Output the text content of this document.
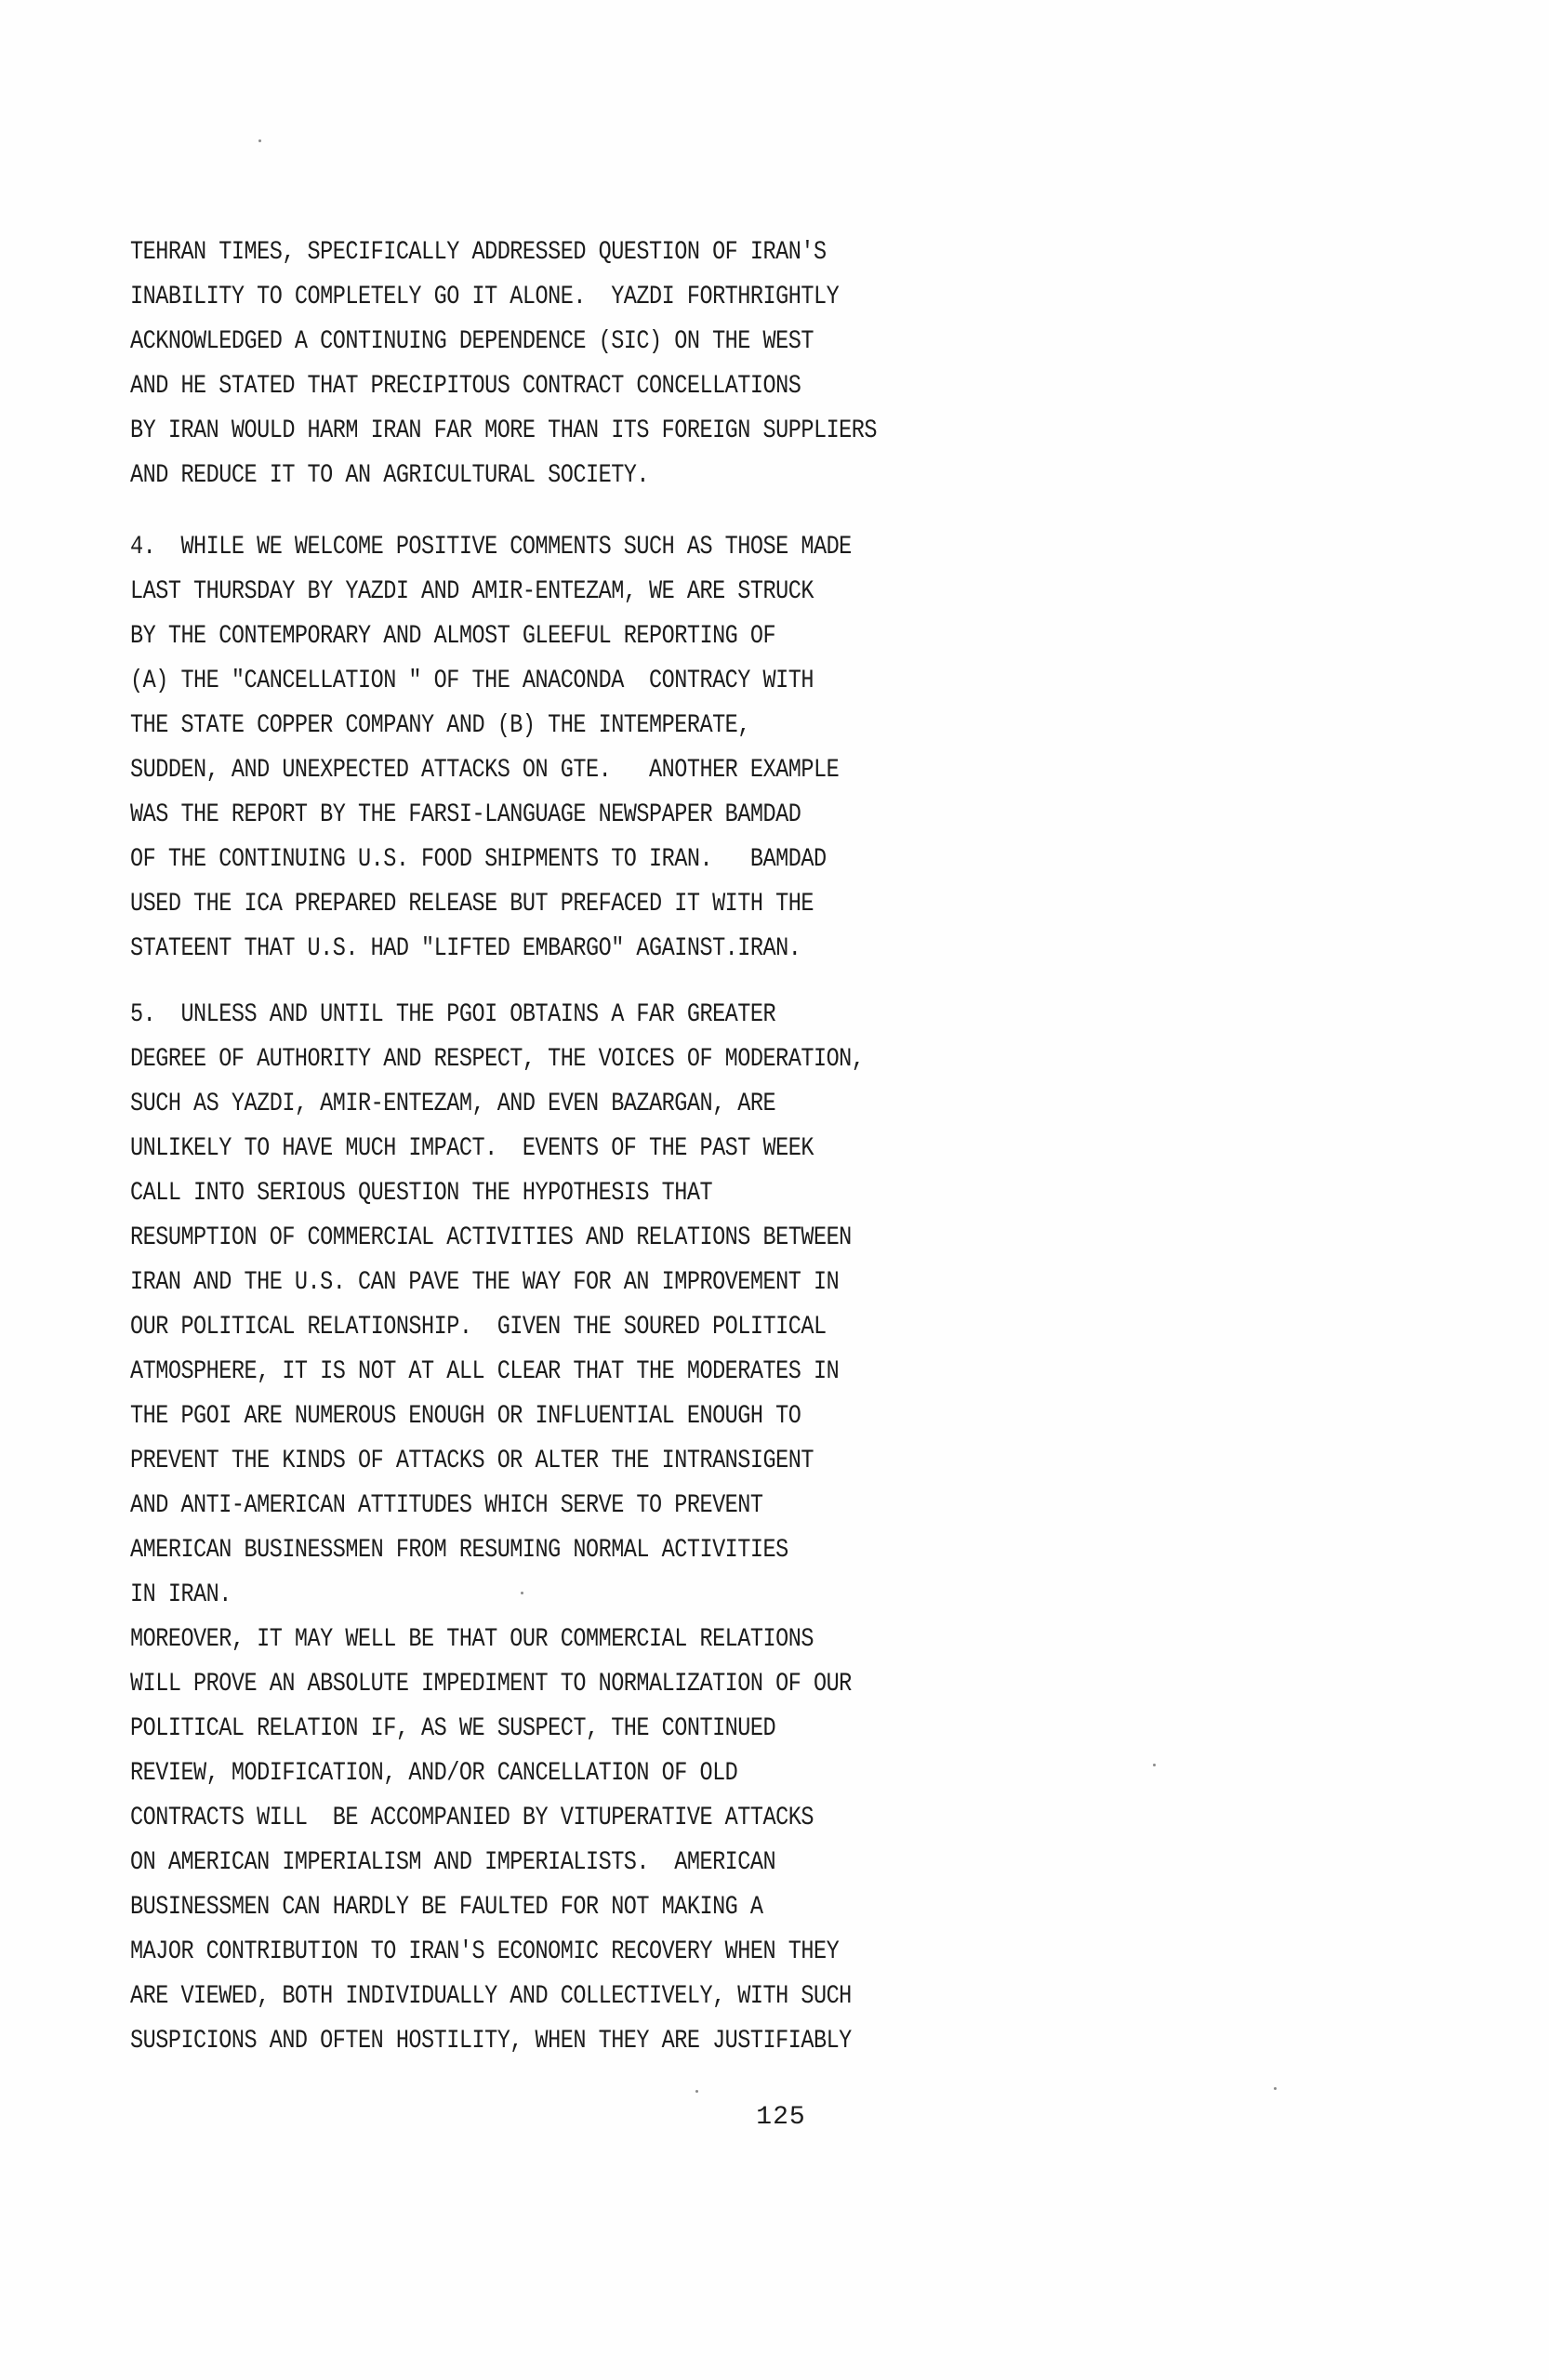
TEHRAN TIMES, SPECIFICALLY ADDRESSED QUESTION OF IRAN'S
INABILITY TO COMPLETELY GO IT ALONE.  YAZDI FORTHRIGHTLY
ACKNOWLEDGED A CONTINUING DEPENDENCE (SIC) ON THE WEST
AND HE STATED THAT PRECIPITOUS CONTRACT CONCELLATIONS
BY IRAN WOULD HARM IRAN FAR MORE THAN ITS FOREIGN SUPPLIERS
AND REDUCE IT TO AN AGRICULTURAL SOCIETY.
4.  WHILE WE WELCOME POSITIVE COMMENTS SUCH AS THOSE MADE
LAST THURSDAY BY YAZDI AND AMIR-ENTEZAM, WE ARE STRUCK
BY THE CONTEMPORARY AND ALMOST GLEEFUL REPORTING OF
(A) THE "CANCELLATION " OF THE ANACONDA  CONTRACY WITH
THE STATE COPPER COMPANY AND (B) THE INTEMPERATE,
SUDDEN, AND UNEXPECTED ATTACKS ON GTE.   ANOTHER EXAMPLE
WAS THE REPORT BY THE FARSI-LANGUAGE NEWSPAPER BAMDAD
OF THE CONTINUING U.S. FOOD SHIPMENTS TO IRAN.   BAMDAD
USED THE ICA PREPARED RELEASE BUT PREFACED IT WITH THE
STATEENT THAT U.S. HAD "LIFTED EMBARGO" AGAINST.IRAN.
5.  UNLESS AND UNTIL THE PGOI OBTAINS A FAR GREATER
DEGREE OF AUTHORITY AND RESPECT, THE VOICES OF MODERATION,
SUCH AS YAZDI, AMIR-ENTEZAM, AND EVEN BAZARGAN, ARE
UNLIKELY TO HAVE MUCH IMPACT.  EVENTS OF THE PAST WEEK
CALL INTO SERIOUS QUESTION THE HYPOTHESIS THAT
RESUMPTION OF COMMERCIAL ACTIVITIES AND RELATIONS BETWEEN
IRAN AND THE U.S. CAN PAVE THE WAY FOR AN IMPROVEMENT IN
OUR POLITICAL RELATIONSHIP.  GIVEN THE SOURED POLITICAL
ATMOSPHERE, IT IS NOT AT ALL CLEAR THAT THE MODERATES IN
THE PGOI ARE NUMEROUS ENOUGH OR INFLUENTIAL ENOUGH TO
PREVENT THE KINDS OF ATTACKS OR ALTER THE INTRANSIGENT
AND ANTI-AMERICAN ATTITUDES WHICH SERVE TO PREVENT
AMERICAN BUSINESSMEN FROM RESUMING NORMAL ACTIVITIES
IN IRAN.
MOREOVER, IT MAY WELL BE THAT OUR COMMERCIAL RELATIONS
WILL PROVE AN ABSOLUTE IMPEDIMENT TO NORMALIZATION OF OUR
POLITICAL RELATION IF, AS WE SUSPECT, THE CONTINUED
REVIEW, MODIFICATION, AND/OR CANCELLATION OF OLD
CONTRACTS WILL  BE ACCOMPANIED BY VITUPERATIVE ATTACKS
ON AMERICAN IMPERIALISM AND IMPERIALISTS.  AMERICAN
BUSINESSMEN CAN HARDLY BE FAULTED FOR NOT MAKING A
MAJOR CONTRIBUTION TO IRAN'S ECONOMIC RECOVERY WHEN THEY
ARE VIEWED, BOTH INDIVIDUALLY AND COLLECTIVELY, WITH SUCH
SUSPICIONS AND OFTEN HOSTILITY, WHEN THEY ARE JUSTIFIABLY
125
